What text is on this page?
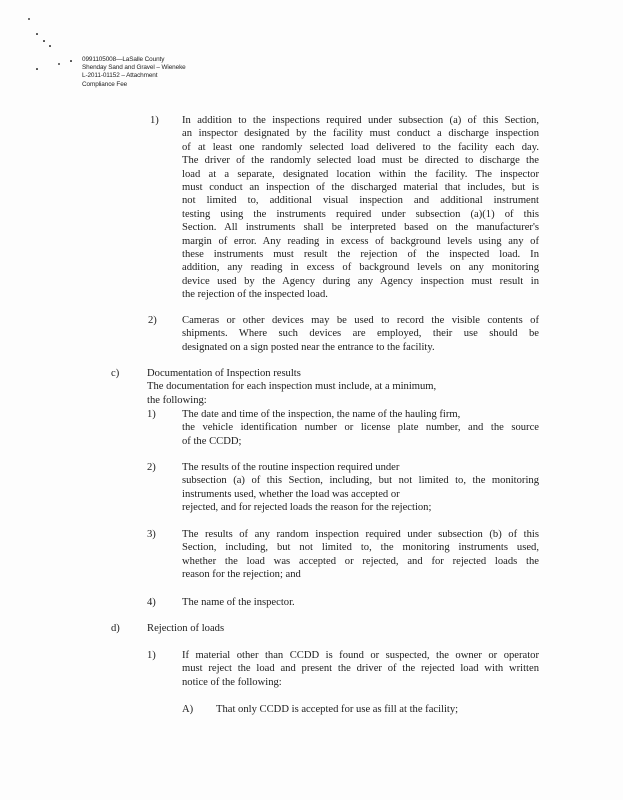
0991105008—LaSalle County
Shenday Sand and Gravel – Wieneke
L-2011-01152 – Attachment
Compliance Fee
1) In addition to the inspections required under subsection (a) of this Section,
an inspector designated by the facility must conduct a discharge inspection
of at least one randomly selected load delivered to the facility each day.
The driver of the randomly selected load must be directed to discharge the
load at a separate, designated location within the facility. The inspector
must conduct an inspection of the discharged material that includes, but is
not limited to, additional visual inspection and additional instrument
testing using the instruments required under subsection (a)(1) of this
Section. All instruments shall be interpreted based on the manufacturer's
margin of error. Any reading in excess of background levels using any of
these instruments must result the rejection of the inspected load. In
addition, any reading in excess of background levels on any monitoring
device used by the Agency during any Agency inspection must result in
the rejection of the inspected load.
2) Cameras or other devices may be used to record the visible contents of
shipments. Where such devices are employed, their use should be
designated on a sign posted near the entrance to the facility.
c)	Documentation of Inspection results
The documentation for each inspection must include, at a minimum,
the following:
1) The date and time of the inspection, the name of the hauling firm,
the vehicle identification number or license plate number, and the source
of the CCDD;
2) The results of the routine inspection required under
subsection (a) of this Section, including, but not limited to, the monitoring
instruments used, whether the load was accepted or
rejected, and for rejected loads the reason for the rejection;
3) The results of any random inspection required under subsection (b) of this
Section, including, but not limited to, the monitoring instruments used,
whether the load was accepted or rejected, and for rejected loads the
reason for the rejection; and
4) The name of the inspector.
d)	Rejection of loads
1) If material other than CCDD is found or suspected, the owner or operator
must reject the load and present the driver of the rejected load with written
notice of the following:
A) That only CCDD is accepted for use as fill at the facility;
